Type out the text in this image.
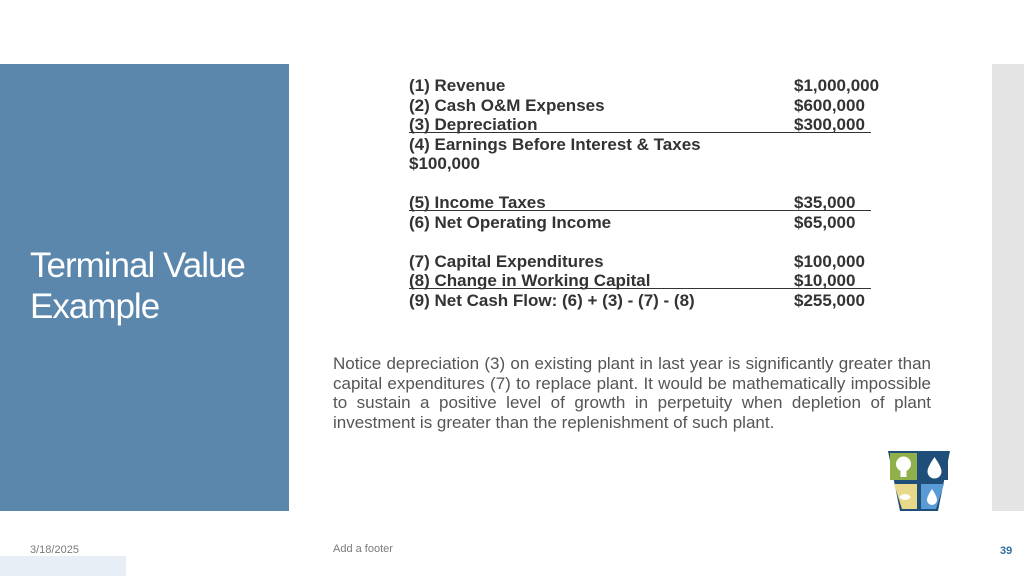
Terminal Value Example
(1) Revenue	$1,000,000
(2) Cash O&M Expenses	$600,000
(3) Depreciation	$300,000
(4) Earnings Before Interest & Taxes
$100,000
(5) Income Taxes	$35,000
(6) Net Operating Income	$65,000
(7) Capital Expenditures	$100,000
(8) Change in Working Capital	$10,000
(9) Net Cash Flow: (6) + (3) - (7) - (8)	$255,000
Notice depreciation (3) on existing plant in last year is significantly greater than capital expenditures (7) to replace plant. It would be mathematically impossible to sustain a positive level of growth in perpetuity when depletion of plant investment is greater than the replenishment of such plant.
3/18/2025	Add a footer	39
